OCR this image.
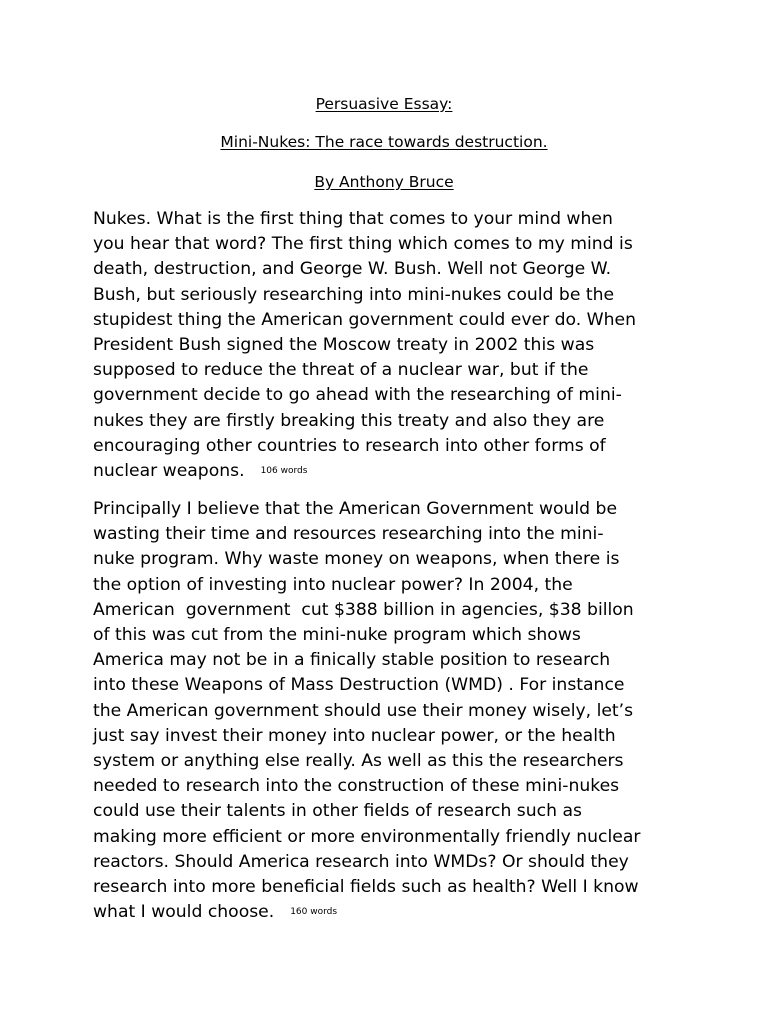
Persuasive Essay:
Mini-Nukes: The race towards destruction.
By Anthony Bruce
Nukes. What is the first thing that comes to your mind when
you hear that word? The first thing which comes to my mind is
death, destruction, and George W. Bush. Well not George W.
Bush, but seriously researching into mini-nukes could be the
stupidest thing the American government could ever do. When
President Bush signed the Moscow treaty in 2002 this was
supposed to reduce the threat of a nuclear war, but if the
government decide to go ahead with the researching of mini-
nukes they are firstly breaking this treaty and also they are
encouraging other countries to research into other forms of
nuclear weapons. 106 words
Principally I believe that the American Government would be
wasting their time and resources researching into the mini-
nuke program. Why waste money on weapons, when there is
the option of investing into nuclear power? In 2004, the
American  government  cut $388 billion in agencies, $38 billon
of this was cut from the mini-nuke program which shows
America may not be in a finically stable position to research
into these Weapons of Mass Destruction (WMD) . For instance
the American government should use their money wisely, let’s
just say invest their money into nuclear power, or the health
system or anything else really. As well as this the researchers
needed to research into the construction of these mini-nukes
could use their talents in other fields of research such as
making more efficient or more environmentally friendly nuclear
reactors. Should America research into WMDs? Or should they
research into more beneficial fields such as health? Well I know
what I would choose. 160 words
